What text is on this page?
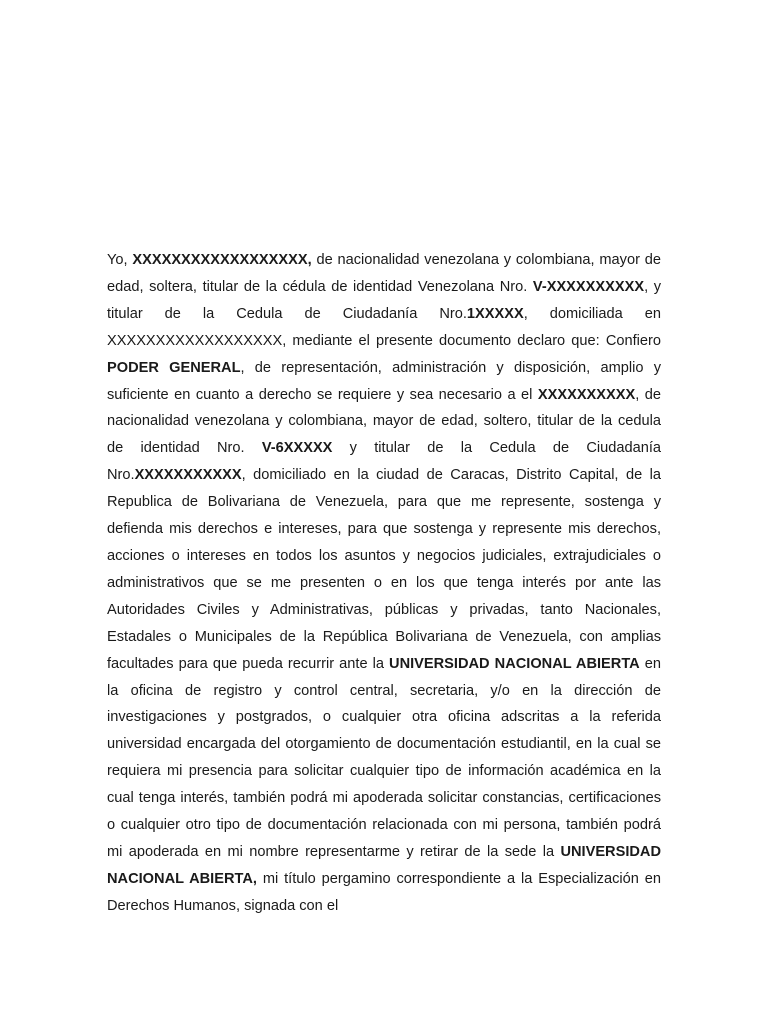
Yo, XXXXXXXXXXXXXXXXXX, de nacionalidad venezolana y colombiana, mayor de edad, soltera, titular de la cédula de identidad Venezolana Nro. V-XXXXXXXXXX, y titular de la Cedula de Ciudadanía Nro.1XXXXX, domiciliada en XXXXXXXXXXXXXXXXXX, mediante el presente documento declaro que: Confiero PODER GENERAL, de representación, administración y disposición, amplio y suficiente en cuanto a derecho se requiere y sea necesario a el XXXXXXXXXX, de nacionalidad venezolana y colombiana, mayor de edad, soltero, titular de la cedula de identidad Nro. V-6XXXXX y titular de la Cedula de Ciudadanía Nro.XXXXXXXXXXX, domiciliado en la ciudad de Caracas, Distrito Capital, de la Republica de Bolivariana de Venezuela, para que me represente, sostenga y defienda mis derechos e intereses, para que sostenga y represente mis derechos, acciones o intereses en todos los asuntos y negocios judiciales, extrajudiciales o administrativos que se me presenten o en los que tenga interés por ante las Autoridades Civiles y Administrativas, públicas y privadas, tanto Nacionales, Estadales o Municipales de la República Bolivariana de Venezuela, con amplias facultades para que pueda recurrir ante la UNIVERSIDAD NACIONAL ABIERTA en la oficina de registro y control central, secretaria, y/o en la dirección de investigaciones y postgrados, o cualquier otra oficina adscritas a la referida universidad encargada del otorgamiento de documentación estudiantil, en la cual se requiera mi presencia para solicitar cualquier tipo de información académica en la cual tenga interés, también podrá mi apoderada solicitar constancias, certificaciones o cualquier otro tipo de documentación relacionada con mi persona, también podrá mi apoderada en mi nombre representarme y retirar de la sede la UNIVERSIDAD NACIONAL ABIERTA, mi título pergamino correspondiente a la Especialización en Derechos Humanos, signada con el
